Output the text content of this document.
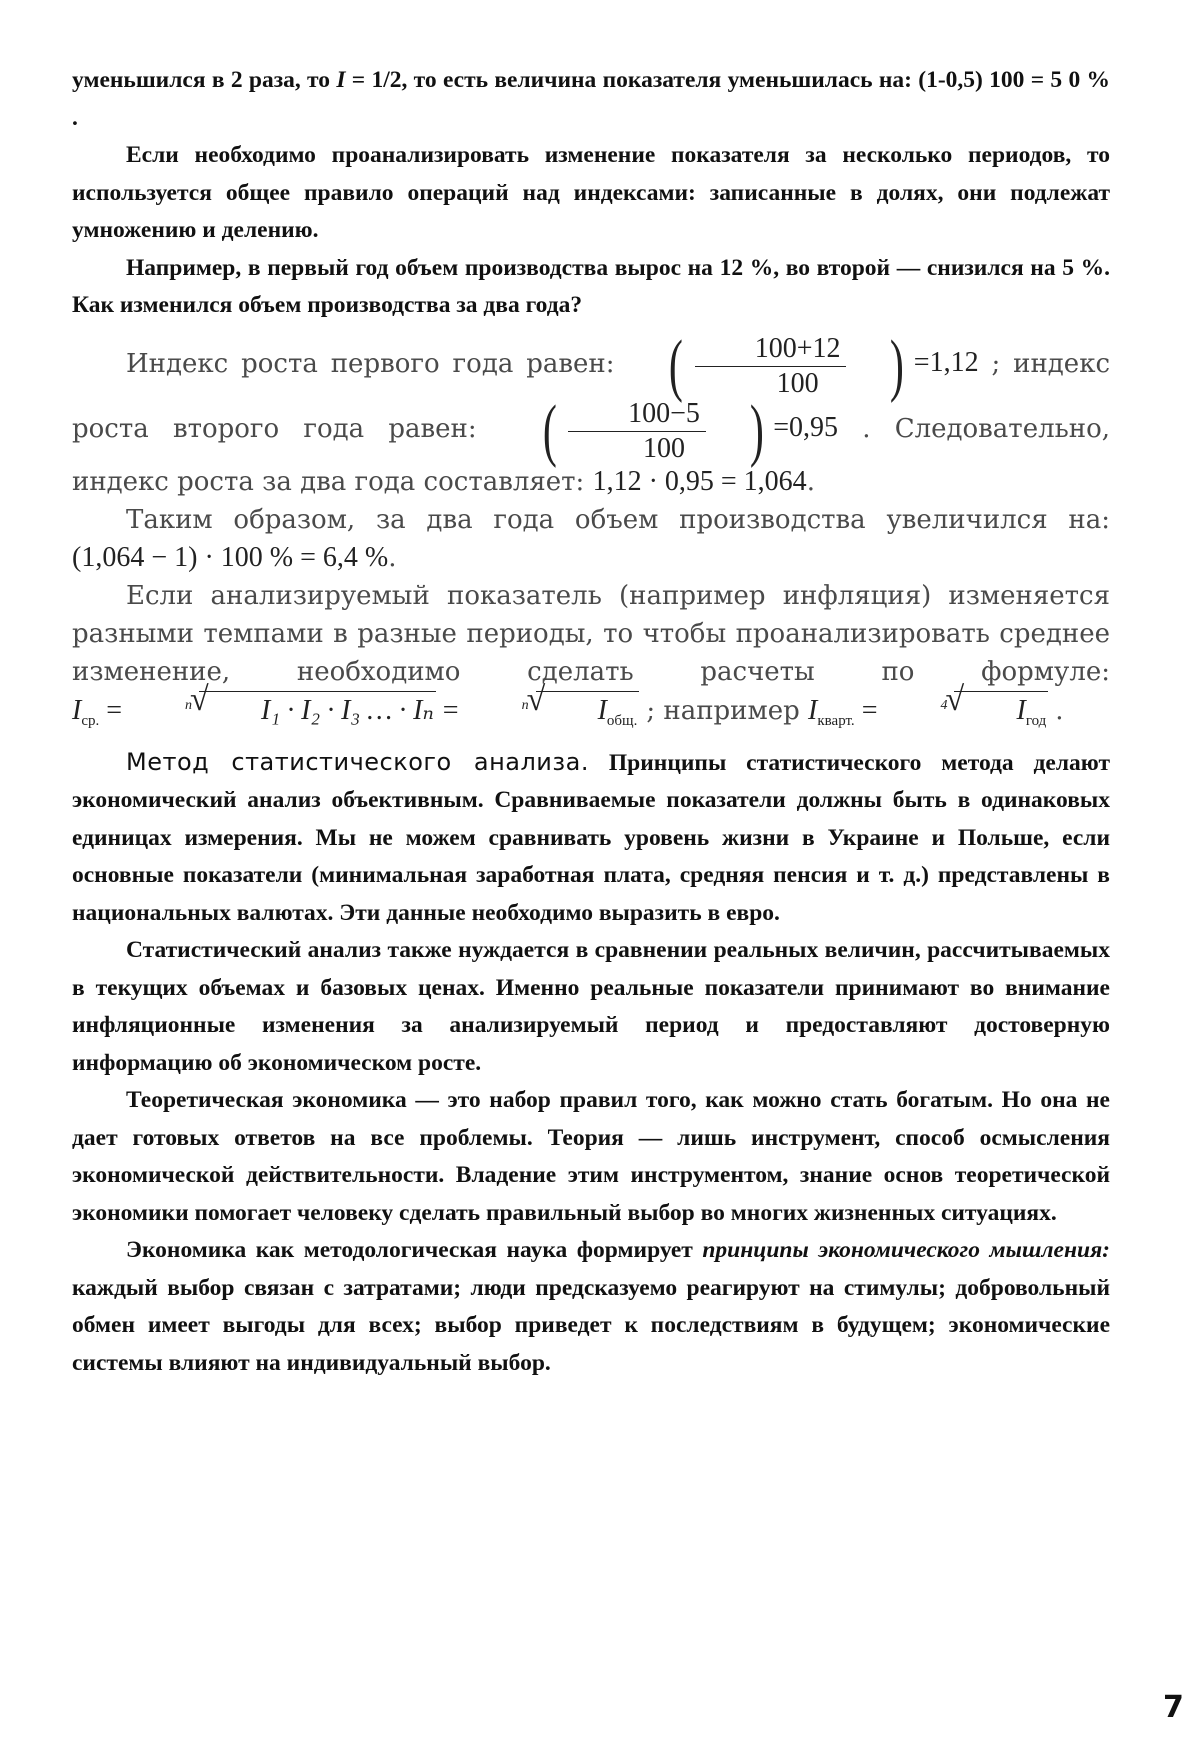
уменьшился в 2 раза, то I = 1/2, то есть величина показателя уменьшилась на: (1-0,5) 100 = 5 0 % .

Если необходимо проанализировать изменение показателя за несколько периодов, то используется общее правило операций над индексами: записанные в долях, они подлежат умножению и делению.

Например, в первый год объем производства вырос на 12 %, во второй — снизился на 5 %. Как изменился объем производства за два года?

Индекс роста первого года равен: ( $\frac{100+12}{100}$ ) =1,12 ; индекс роста второго года равен: ( $\frac{100-5}{100}$ ) =0,95 . Следовательно, индекс роста за два года составляет: 1,12 · 0,95 = 1,064.

Таким образом, за два года объем производства увеличился на: (1,064 − 1) · 100 % = 6,4 %.

Если анализируемый показатель (например инфляция) изменяется разными темпами в разные периоды, то чтобы проанализировать среднее изменение, необходимо сделать расчеты по формуле: $I_{ср.}$ =	n
√ I₁ · I₂ · I₃ … · Iₙ =	n
√ $I_{общ.}$ ; например $I_{кварт.}$ =	4
√ $I_{год}$ .

Метод статистического анализа. Принципы статистического метода делают экономический анализ объективным. Сравниваемые показатели должны быть в одинаковых единицах измерения. Мы не можем сравнивать уровень жизни в Украине и Польше, если основные показатели (минимальная заработная плата, средняя пенсия и т. д.) представлены в национальных валютах. Эти данные необходимо выразить в евро.

Статистический анализ также нуждается в сравнении реальных величин, рассчитываемых в текущих объемах и базовых ценах. Именно реальные показатели принимают во внимание инфляционные изменения за анализируемый период и предоставляют достоверную информацию об экономическом росте.

Теоретическая экономика — это набор правил того, как можно стать богатым. Но она не дает готовых ответов на все проблемы. Теория — лишь инструмент, способ осмысления экономической действительности. Владение этим инструментом, знание основ теоретической экономики помогает человеку сделать правильный выбор во многих жизненных ситуациях.

Экономика как методологическая наука формирует принципы экономического мышления: каждый выбор связан с затратами; люди предсказуемо реагируют на стимулы; добровольный обмен имеет выгоды для всех; выбор приведет к последствиям в будущем; экономические системы влияют на индивидуальный выбор.

7
